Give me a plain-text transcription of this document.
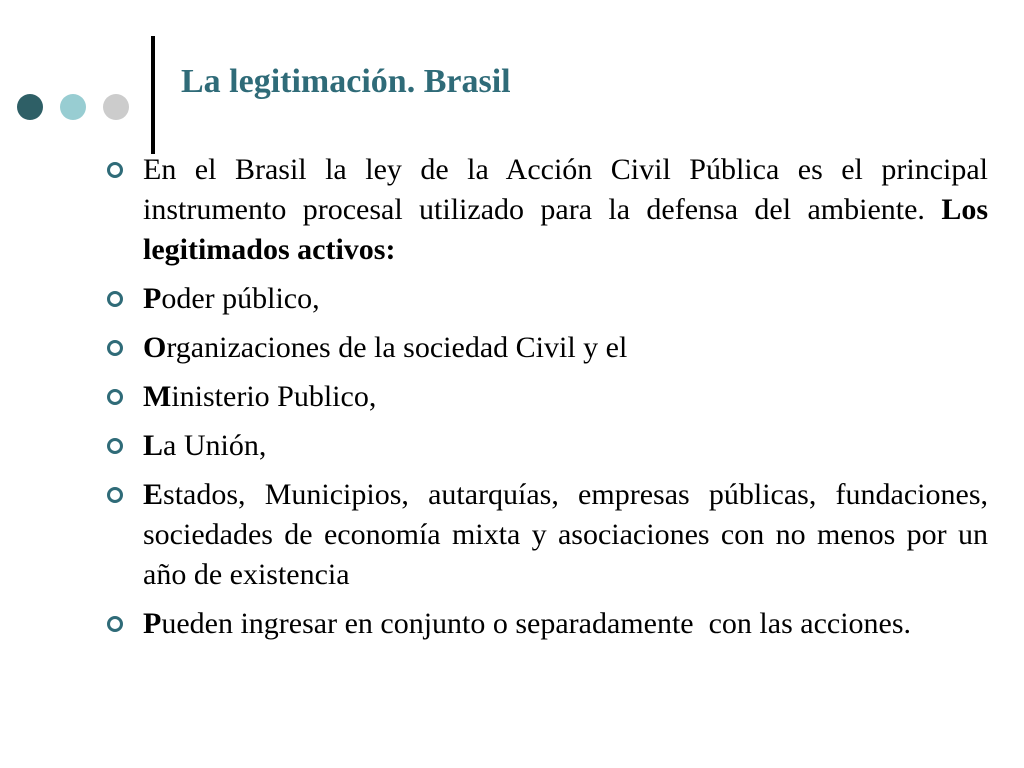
La legitimación. Brasil
En el Brasil la ley de la Acción Civil Pública es el principal instrumento procesal utilizado para la defensa del ambiente. Los legitimados activos:
Poder público,
Organizaciones de la sociedad Civil y el
Ministerio Publico,
La Unión,
Estados, Municipios, autarquías, empresas públicas, fundaciones, sociedades de economía mixta y asociaciones con no menos por un año de existencia
Pueden ingresar en conjunto o separadamente  con las acciones.
